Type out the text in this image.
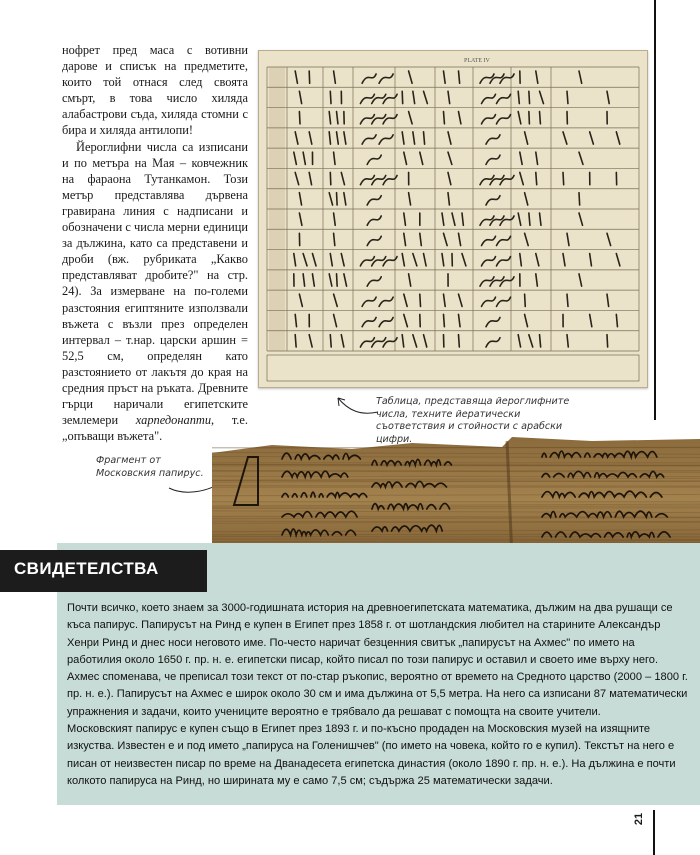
нофрет пред маса с вотивни дарове и списък на предметите, които той отнася след своята смърт, в това число хиляда алабастрови съда, хиляда стомни с бира и хиляда антилопи!

Йероглифни числа са изписани и по метъра на Мая – ковчежник на фараона Тутанкамон. Този метър представлява дървена гравирана линия с надписани и обозначени с числа мерни единици за дължина, като са представени и дроби (вж. рубриката „Какво представляват дробите?" на стр. 24). За измерване на по-големи разстояния египтяните използвали въжета с възли през определен интервал – т.нар. царски аршин = 52,5 см, определян като разстоянието от лакътя до края на средния пръст на ръката. Древните гърци наричали египетските землемери харпедонапти, т.е. „опъващи въжета".

PLATE IV
Таблица, представяща йероглифните числа, техните йератически съответствия и стойности с арабски цифри.
Фрагмент от Московския папирус.
СВИДЕТЕЛСТВА

Почти всичко, което знаем за 3000-годишната история на древноегипетската математика, дължим на два рушащи се къса папирус. Папирусът на Ринд е купен в Египет през 1858 г. от шотландския любител на старините Александър Хенри Ринд и днес носи неговото име. По-често наричат безценния свитък „папирусът на Ахмес" по името на работилия около 1650 г. пр. н. е. египетски писар, който писал по този папирус и оставил и своето име върху него. Ахмес споменава, че преписал този текст от по-стар ръкопис, вероятно от времето на Средното царство (2000 – 1800 г. пр. н. е.). Папирусът на Ахмес е широк около 30 см и има дължина от 5,5 метра. На него са изписани 87 математически упражнения и задачи, които учениците вероятно е трябвало да решават с помощта на своите учители.

Московският папирус е купен също в Египет през 1893 г. и по-късно продаден на Московския музей на изящните изкуства. Известен е и под името „папируса на Голенишчев" (по името на човека, който го е купил). Текстът на него е писан от неизвестен писар по време на Дванадесета египетска династия (около 1890 г. пр. н. е.). На дължина е почти колкото папируса на Ринд, но ширината му е само 7,5 см; съдържа 25 математически задачи.

21
